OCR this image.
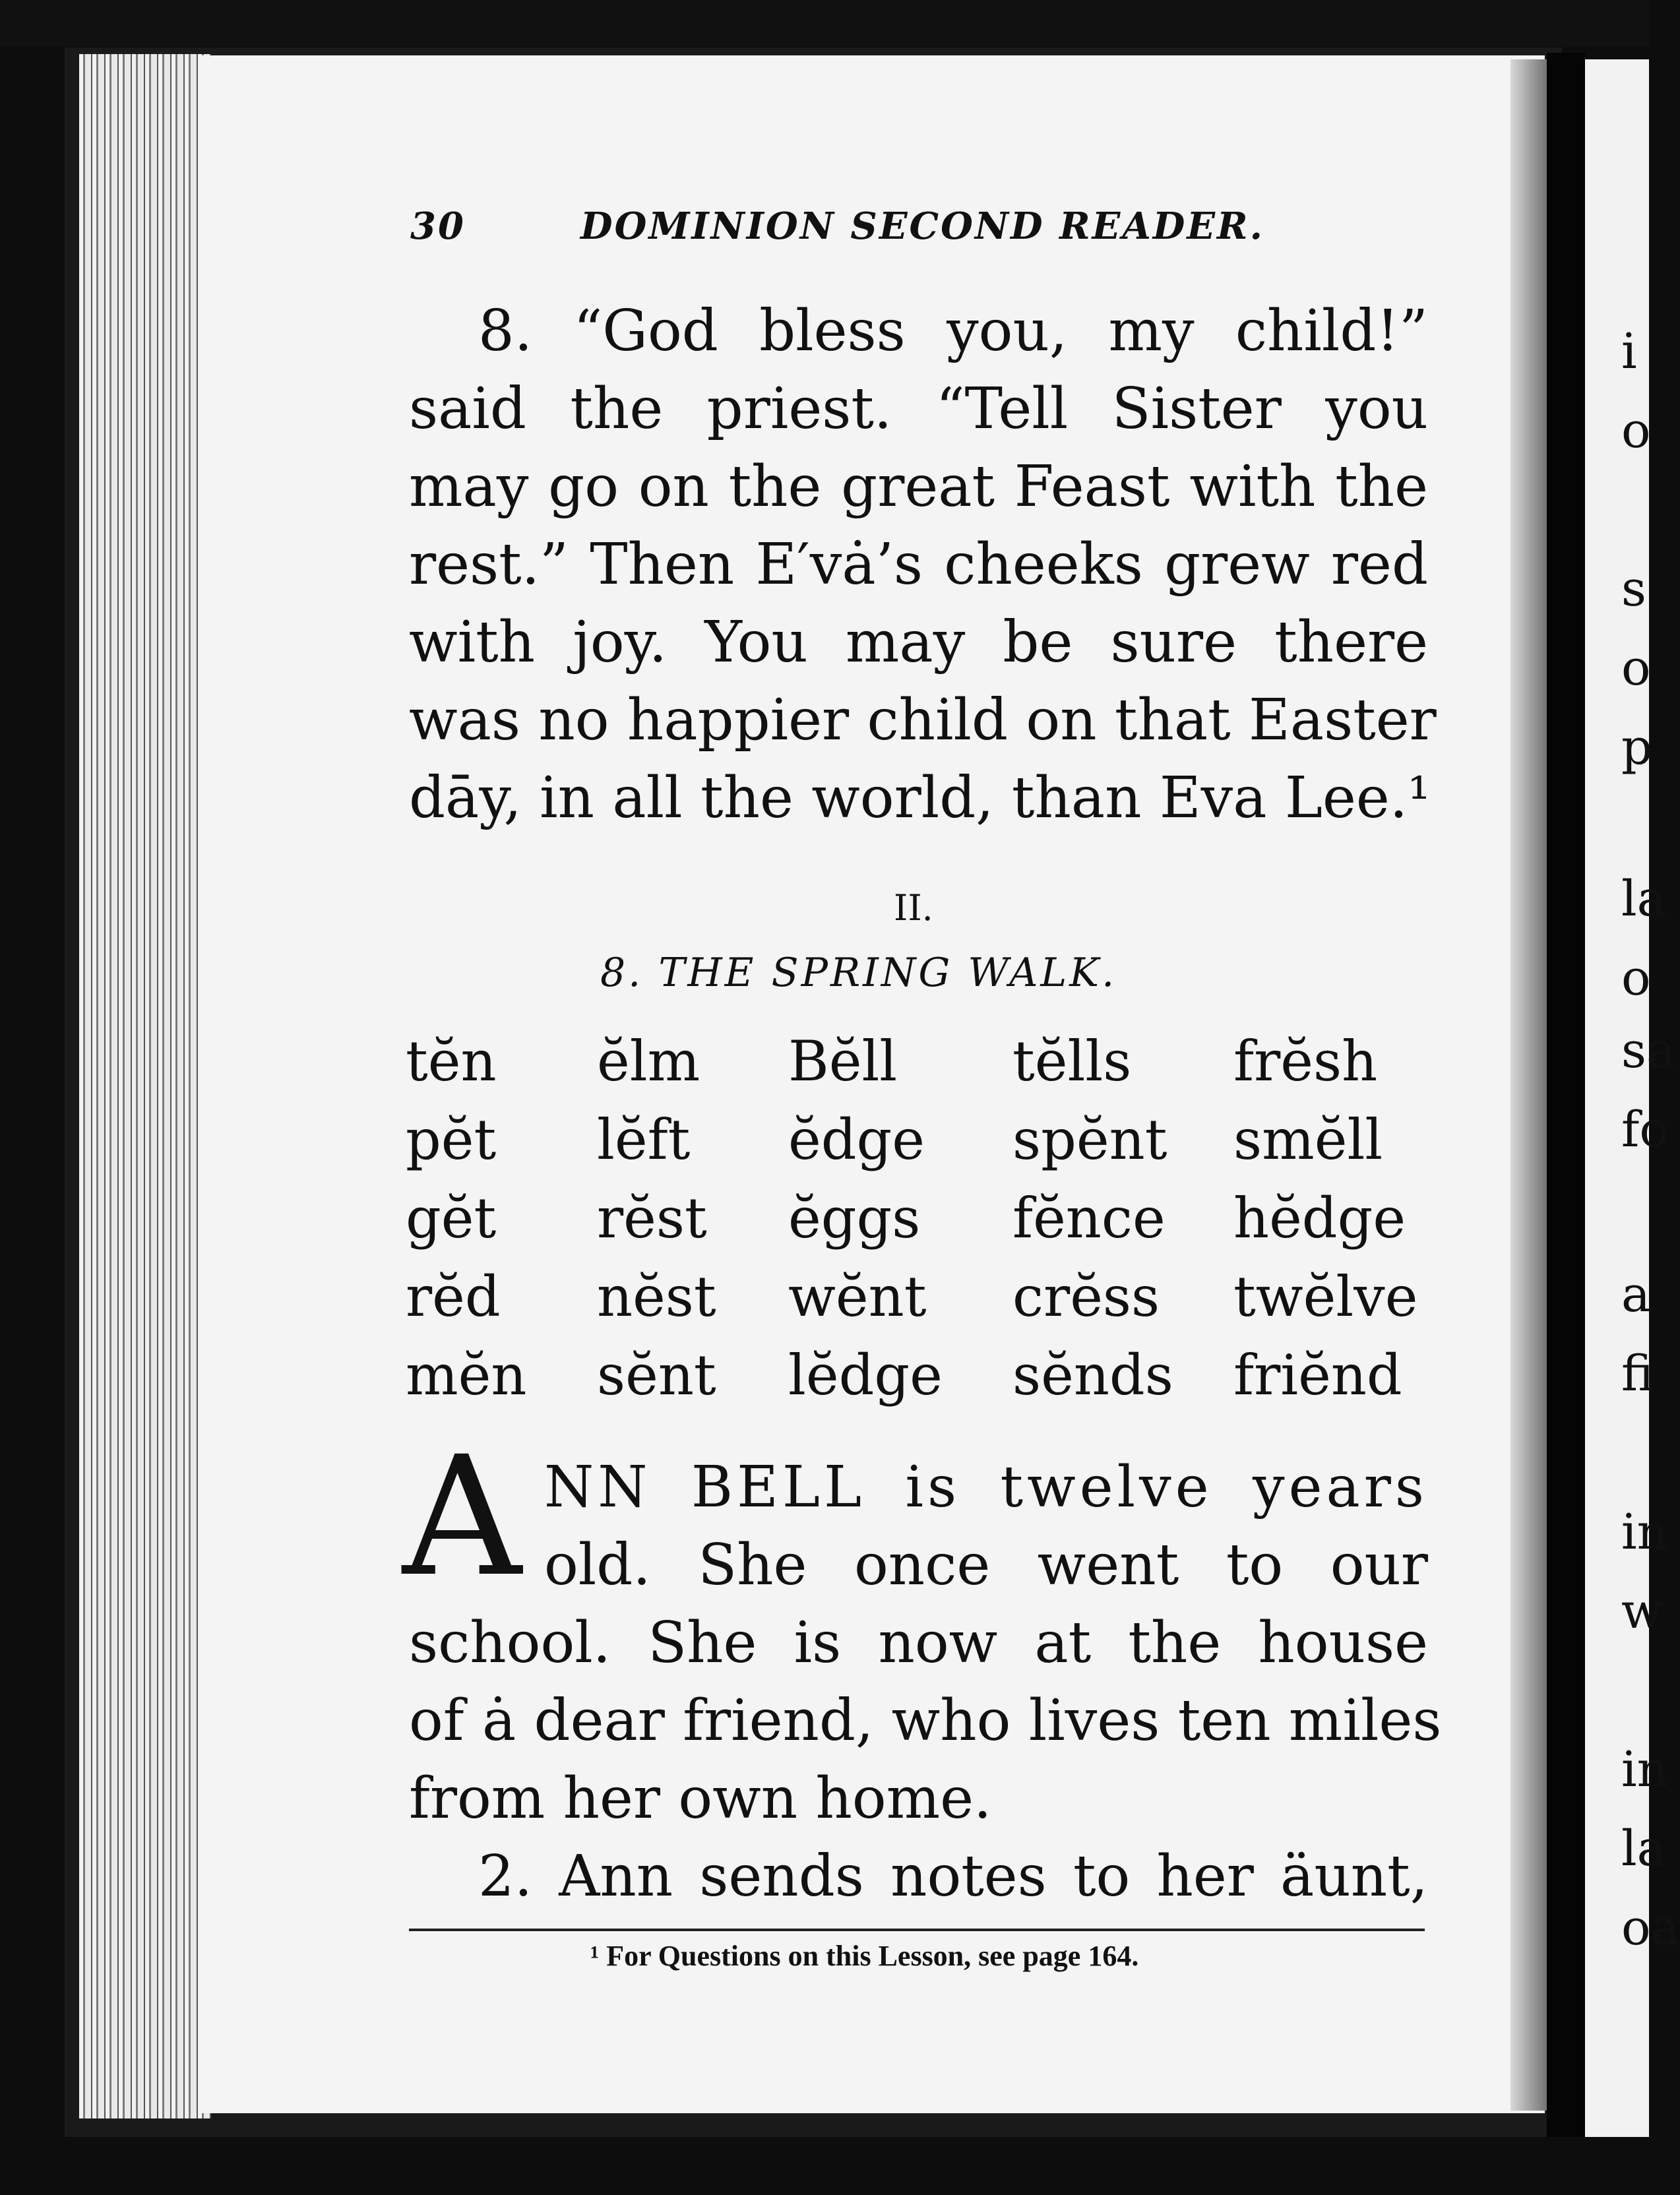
i
o
s
o
p
la
o
sa
fo
a
fi
in
w
in
la
oa
30	DOMINION SECOND READER.
8. “God bless you, my child!”
said the priest. “Tell Sister you
may go on the great Feast with the
rest.” Then E′vȧ’s cheeks grew red
with joy. You may be sure there
was no happier child on that Easter
dāy, in all the world, than Eva Lee.¹
II.
8. THE SPRING WALK.
tĕn	ĕlm	Bĕll	tĕlls	frĕsh
pĕt	lĕft	ĕdge	spĕnt	smĕll
gĕt	rĕst	ĕggs	fĕnce	hĕdge
rĕd	nĕst	wĕnt	crĕss	twĕlve
mĕn	sĕnt	lĕdge	sĕnds	friĕnd
A NN BELL is twelve years
old. She once went to our
school. She is now at the house
of ȧ dear friend, who lives ten miles
from her own home.
2. Ann sends notes to her äunt,
¹ For Questions on this Lesson, see page 164.
